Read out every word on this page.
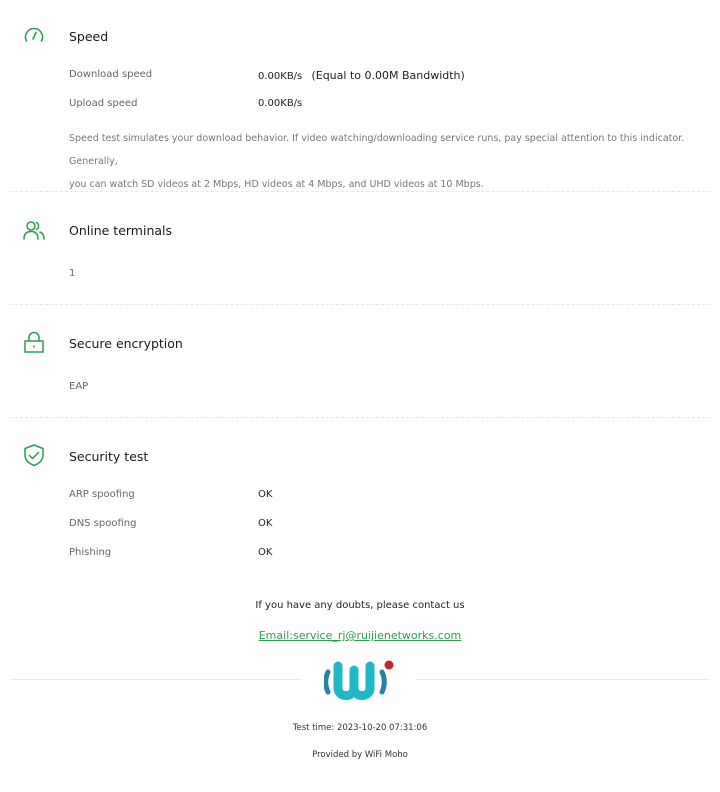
Speed
Download speed	0.00KB/s (Equal to 0.00M Bandwidth)
Upload speed	0.00KB/s
Speed test simulates your download behavior. If video watching/downloading service runs, pay special attention to this indicator. Generally,
you can watch SD videos at 2 Mbps, HD videos at 4 Mbps, and UHD videos at 10 Mbps.
Online terminals
1
Secure encryption
EAP
Security test
ARP spoofing	OK
DNS spoofing	OK
Phishing	OK
If you have any doubts, please contact us
Email:service_rj@ruijienetworks.com
Test time: 2023-10-20 07:31:06
Provided by WiFi Moho
